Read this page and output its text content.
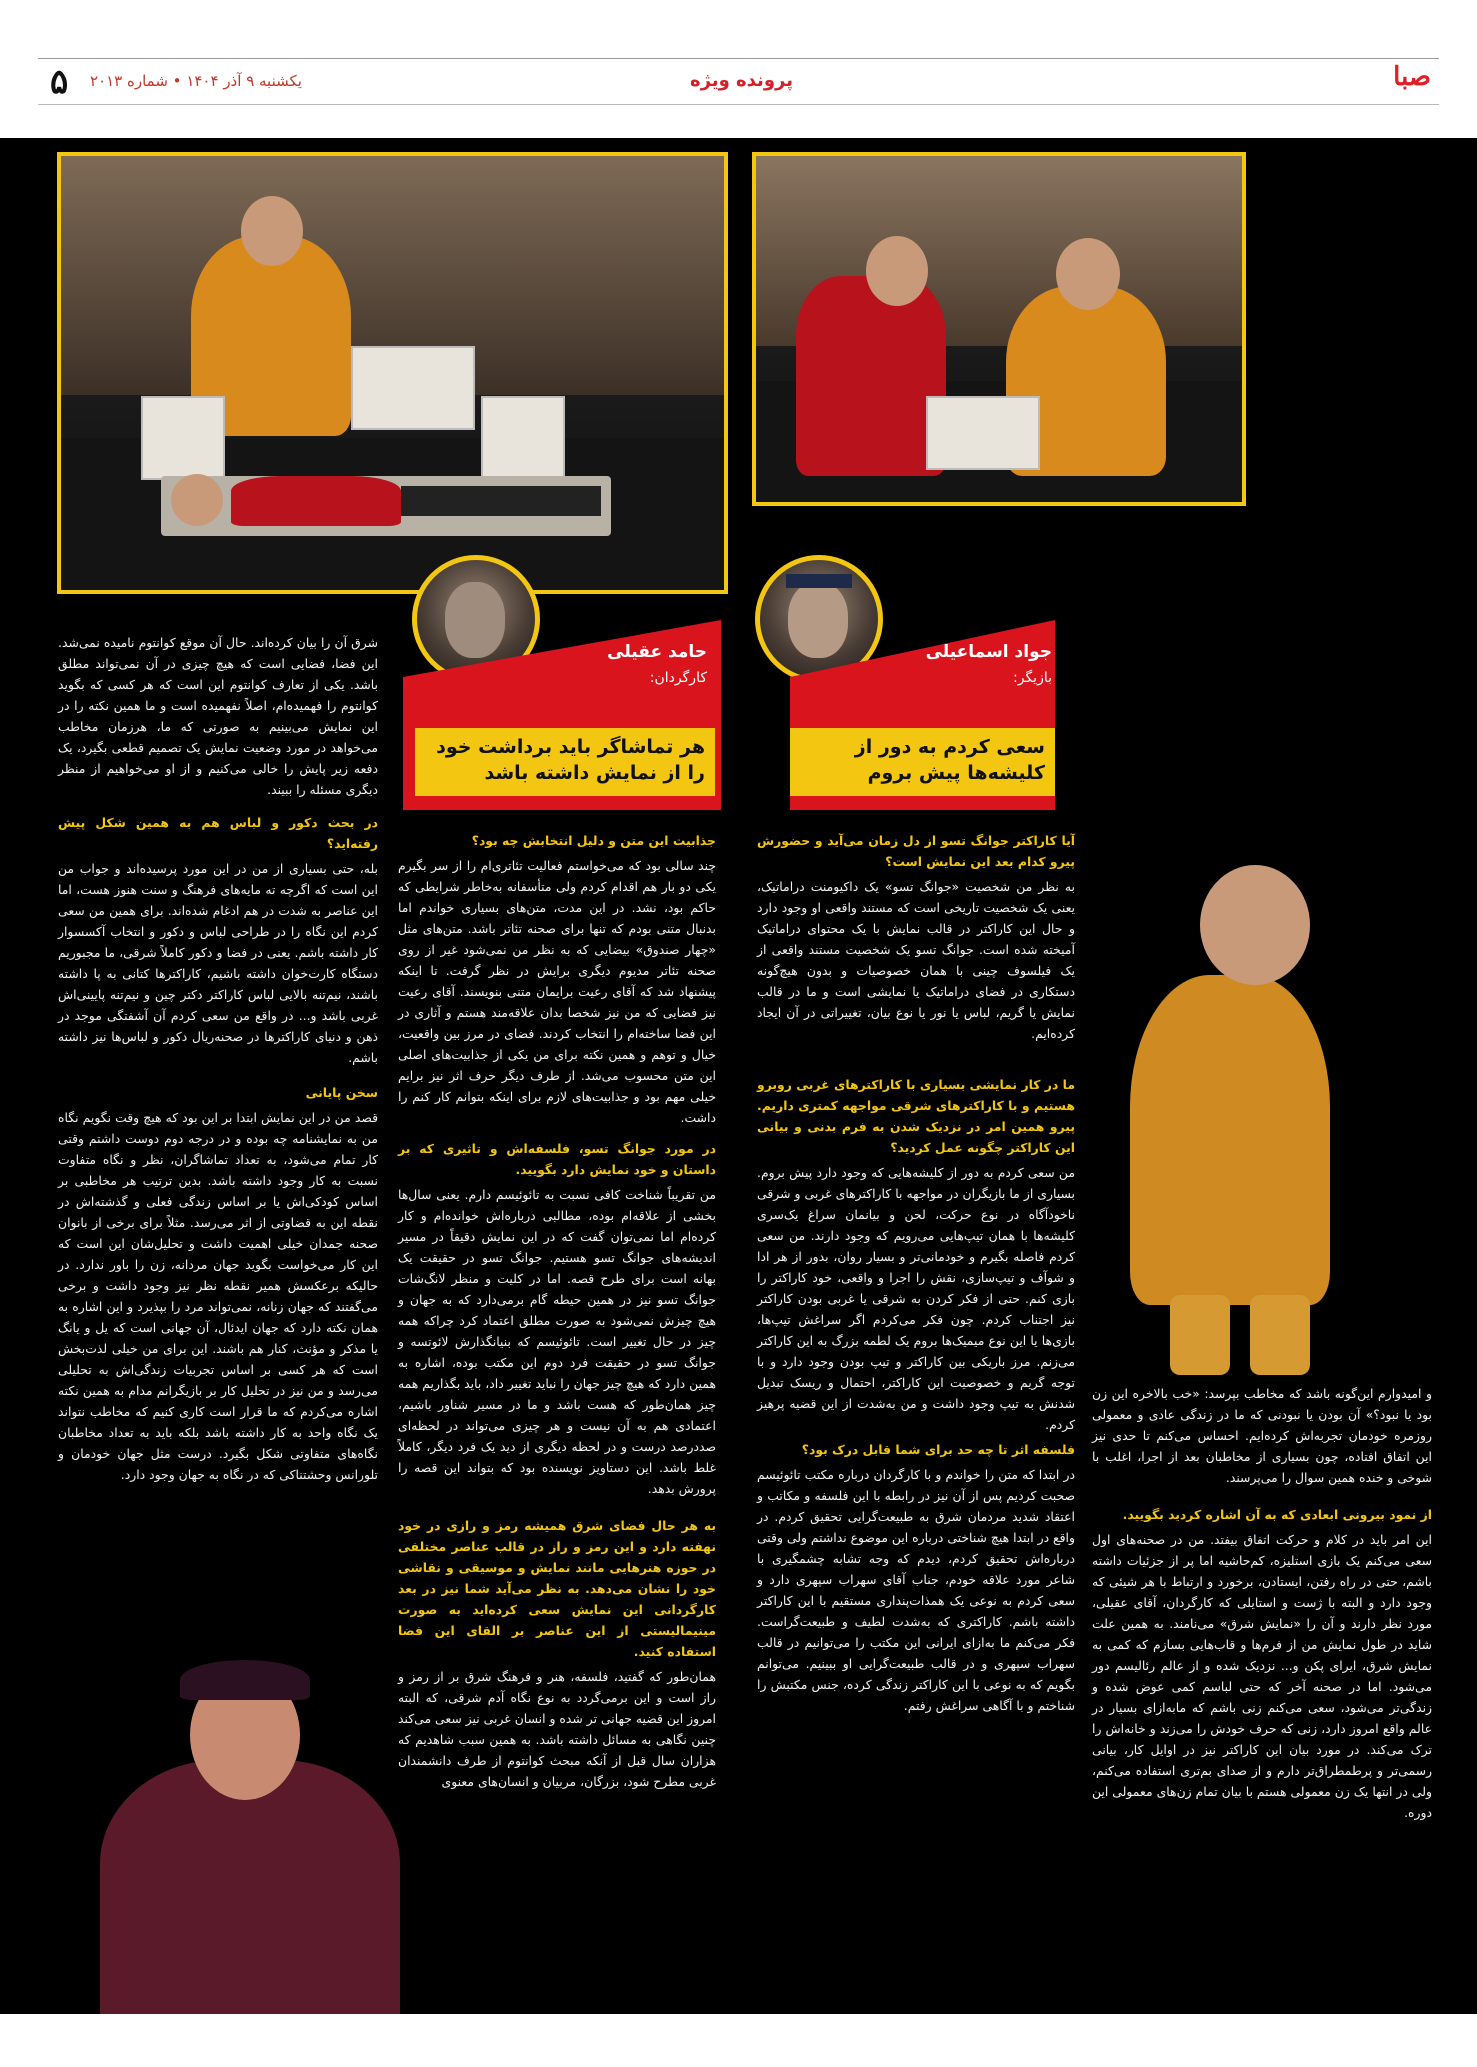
۵ یکشنبه ۹ آذر ۱۴۰۴ • شماره ۲۰۱۳	پرونده ویژه	صبا
جواد اسماعیلی
بازیگر:
سعی کردم به دور از کلیشه‌ها پیش بروم
حامد عقیلی
کارگردان:
هر تماشاگر باید برداشت خود را از نمایش داشته باشد

آیا کاراکتر جوانگ تسو از دل زمان می‌آید و حضورش پیرو کدام بعد این نمایش است؟

به نظر من شخصیت «جوانگ تسو» یک داکیومنت دراماتیک، یعنی یک شخصیت تاریخی است که مستند واقعی او وجود دارد و حال این کاراکتر در قالب نمایش با یک محتوای دراماتیک آمیخته شده است. جوانگ تسو یک شخصیت مستند واقعی از یک فیلسوف چینی با همان خصوصیات و بدون هیچ‌گونه دستکاری در فضای دراماتیک یا نمایشی است و ما در قالب نمایش یا گریم، لباس یا نور یا نوع بیان، تغییراتی در آن ایجاد کرده‌ایم.

ما در کار نمایشی بسیاری با کاراکترهای غربی روبرو هستیم و با کاراکترهای شرقی مواجهه کمتری داریم. پیرو همین امر در نزدیک شدن به فرم بدنی و بیانی این کاراکتر چگونه عمل کردید؟

من سعی کردم به دور از کلیشه‌هایی که وجود دارد پیش بروم. بسیاری از ما بازیگران در مواجهه با کاراکترهای غربی و شرقی ناخودآگاه در نوع حرکت، لحن و بیانمان سراغ یک‌سری کلیشه‌ها با همان تیپ‌هایی می‌رویم که وجود دارند. من سعی کردم فاصله بگیرم و خودمانی‌تر و بسیار روان، بدور از هر ادا و شوآف و تیپ‌سازی، نقش را اجرا و واقعی، خود کاراکتر را بازی کنم. حتی از فکر کردن به شرقی یا غربی بودن کاراکتر نیز اجتناب کردم. چون فکر می‌کردم اگر سراغش تیپ‌ها، بازی‌ها یا این نوع میمیک‌ها بروم یک لطمه بزرگ به این کاراکتر می‌زنم. مرز باریکی بین کاراکتر و تیپ بودن وجود دارد و با توجه گریم و خصوصیت این کاراکتر، احتمال و ریسک تبدیل شدنش به تیپ وجود داشت و من به‌شدت از این قضیه پرهیز کردم.

فلسفه اثر تا چه حد برای شما قابل درک بود؟

در ابتدا که متن را خواندم و با کارگردان درباره مکتب تائوئیسم صحبت کردیم پس از آن نیز در رابطه با این فلسفه و مکاتب و اعتقاد شدید مردمان شرق به طبیعت‌گرایی تحقیق کردم. در واقع در ابتدا هیچ شناختی درباره این موضوع نداشتم ولی وقتی درباره‌اش تحقیق کردم، دیدم که وجه تشابه چشمگیری با شاعر مورد علاقه خودم، جناب آقای سهراب سپهری دارد و سعی کردم به نوعی یک همذات‌پنداری مستقیم با این کاراکتر داشته باشم. کاراکتری که به‌شدت لطیف و طبیعت‌گراست. فکر می‌کنم ما به‌ازای ایرانی این مکتب را می‌توانیم در قالب سهراب سپهری و در قالب طبیعت‌گرایی او ببینیم. می‌توانم بگویم که به نوعی با این کاراکتر زندگی کرده، جنس مکتبش را شناختم و با آگاهی سراغش رفتم.

و امیدوارم این‌گونه باشد که مخاطب بپرسد: «خب بالاخره این زن بود یا نبود؟» آن بودن یا نبودنی که ما در زندگی عادی و معمولی روزمره خودمان تجربه‌اش کرده‌ایم. احساس می‌کنم تا حدی نیز این اتفاق افتاده، چون بسیاری از مخاطبان بعد از اجرا، اغلب با شوخی و خنده همین سوال را می‌پرسند.

از نمود بیرونی ابعادی که به آن اشاره کردید بگویید.

این امر باید در کلام و حرکت اتفاق بیفتد. من در صحنه‌های اول سعی می‌کنم یک بازی استلیزه، کم‌حاشیه اما پر از جزئیات داشته باشم، حتی در راه رفتن، ایستادن، برخورد و ارتباط با هر شیئی که وجود دارد و البته با ژست و استایلی که کارگردان، آقای عقیلی، مورد نظر دارند و آن را «نمایش شرق» می‌نامند. به همین علت شاید در طول نمایش من از فرم‌ها و قاب‌هایی بسازم که کمی به نمایش شرق، ایرای پکن و... نزدیک شده و از عالم رئالیسم دور می‌شود. اما در صحنه آخر که حتی لباسم کمی عوض شده و زندگی‌تر می‌شود، سعی می‌کنم زنی باشم که مابه‌ازای بسیار در عالم واقع امروز دارد، زنی که حرف خودش را می‌زند و خانه‌اش را ترک می‌کند. در مورد بیان این کاراکتر نیز در اوایل کار، بیانی رسمی‌تر و پرطمطراق‌تر دارم و از صدای بم‌تری استفاده می‌کنم، ولی در انتها یک زن معمولی هستم با بیان تمام زن‌های معمولی این دوره.

جذابیت این متن و دلیل انتخابش چه بود؟

چند سالی بود که می‌خواستم فعالیت تئاتری‌ام را از سر بگیرم یکی دو بار هم اقدام کردم ولی متأسفانه به‌خاطر شرایطی که حاکم بود، نشد. در این مدت، متن‌های بسیاری خواندم اما بدنبال متنی بودم که تنها برای صحنه تئاتر باشد. متن‌های مثل «چهار صندوق» بیضایی که به نظر من نمی‌شود غیر از روی صحنه تئاتر مدیوم دیگری برایش در نظر گرفت. تا اینکه پیشنهاد شد که آقای رعیت برایمان متنی بنویسند. آقای رعیت نیز فضایی که من نیز شخصا بدان علاقه‌مند هستم و آثاری در این فضا ساخته‌ام را انتخاب کردند. فضای در مرز بین واقعیت، خیال و توهم و همین نکته برای من یکی از جذابیت‌های اصلی این متن محسوب می‌شد. از طرف دیگر حرف اثر نیز برایم خیلی مهم بود و جذابیت‌های لازم برای اینکه بتوانم کار کنم را داشت.

در مورد جوانگ تسو، فلسفه‌اش و تاثیری که بر داستان و خود نمایش دارد بگویید.

من تقریباً شناخت کافی نسبت به تائوئیسم دارم. یعنی سال‌ها بخشی از علاقه‌ام بوده، مطالبی درباره‌اش خوانده‌ام و کار کرده‌ام اما نمی‌توان گفت که در این نمایش دقیقاً در مسیر اندیشه‌های جوانگ تسو هستیم. جوانگ تسو در حقیقت یک بهانه است برای طرح قصه. اما در کلیت و منظر لانگ‌شات جوانگ تسو نیز در همین حیطه گام برمی‌دارد که به جهان و هیچ چیزش نمی‌شود به صورت مطلق اعتماد کرد چراکه همه چیز در حال تغییر است. تائوئیسم که بنیانگذارش لائوتسه و جوانگ تسو در حقیقت فرد دوم این مکتب بوده، اشاره به همین دارد که هیچ چیز جهان را نباید تغییر داد، باید بگذاریم همه چیز همان‌طور که هست باشد و ما در مسیر شناور باشیم، اعتمادی هم به آن نیست و هر چیزی می‌تواند در لحظه‌ای صددرصد درست و در لحظه دیگری از دید یک فرد دیگر، کاملاً غلط باشد. این دستاویز نویسنده بود که بتواند این قصه را پرورش بدهد.

به هر حال فضای شرق همیشه رمز و رازی در خود نهفته دارد و این رمز و راز در قالب عناصر مختلفی در حوزه هنرهایی مانند نمایش و موسیقی و نقاشی خود را نشان می‌دهد. به نظر می‌آید شما نیز در بعد کارگردانی این نمایش سعی کرده‌اید به صورت مینیمالیستی از این عناصر بر القای این فضا استفاده کنید.

همان‌طور که گفتید، فلسفه، هنر و فرهنگ شرق بر از رمز و راز است و این برمی‌گردد به نوع نگاه آدم شرقی، که البته امروز این قضیه جهانی تر شده و انسان غربی نیز سعی می‌کند چنین نگاهی به مسائل داشته باشد. به همین سبب شاهدیم که هزاران سال قبل از آنکه مبحث کوانتوم از طرف دانشمندان غربی مطرح شود، بزرگان، مربیان و انسان‌های معنوی

شرق آن را بیان کرده‌اند. حال آن موقع کوانتوم نامیده نمی‌شد. این فضا، فضایی است که هیچ چیزی در آن نمی‌تواند مطلق باشد. یکی از تعارف کوانتوم این است که هر کسی که بگوید کوانتوم را فهمیده‌ام، اصلاً نفهمیده است و ما همین نکته را در این نمایش می‌بینیم به صورتی که ما، هرزمان مخاطب می‌خواهد در مورد وضعیت نمایش یک تصمیم قطعی بگیرد، یک دفعه زیر پایش را خالی می‌کنیم و از او می‌خواهیم از منظر دیگری مسئله را ببیند.

در بحث دکور و لباس هم به همین شکل پیش رفته‌اید؟

بله، حتی بسیاری از من در این مورد پرسیده‌اند و جواب من این است که اگرچه ته مایه‌های فرهنگ و سنت هنوز هست، اما این عناصر به شدت در هم ادغام شده‌اند. برای همین من سعی کردم این نگاه را در طراحی لباس و دکور و انتخاب آکسسوار کار داشته باشم. یعنی در فضا و دکور کاملاً شرقی، ما مجبوریم دستگاه کارت‌خوان داشته باشیم، کاراکترها کتانی به پا داشته باشند، نیم‌تنه بالایی لباس کاراکتر دکتر چین و نیم‌تنه پایینی‌اش غربی باشد و... در واقع من سعی کردم آن آشفتگی موجد در ذهن و دنیای کاراکترها در صحنه‌ریال دکور و لباس‌ها نیز داشته باشم.

سخن پایانی

قصد من در این نمایش ابتدا بر این بود که هیچ وقت نگویم نگاه من به نمایشنامه چه بوده و در درجه دوم دوست داشتم وقتی کار تمام می‌شود، به تعداد تماشاگران، نظر و نگاه متفاوت نسبت به کار وجود داشته باشد. بدین ترتیب هر مخاطبی بر اساس کودکی‌اش یا بر اساس زندگی فعلی و گذشته‌اش در نقطه این به قضاوتی از اثر می‌رسد. مثلاً برای برخی از بانوان صحنه جمدان خیلی اهمیت داشت و تحلیل‌شان این است که این کار می‌خواست بگوید جهان مردانه، زن را باور ندارد. در حالیکه برعکسش همیر نقطه نظر نیز وجود داشت و برخی می‌گفتند که جهان زنانه، نمی‌تواند مرد را بپذیرد و این اشاره به همان نکته دارد که جهان ایدئال، آن جهانی است که یل و یانگ یا مذکر و مؤنث، کنار هم باشند. این برای من خیلی لذت‌بخش است که هر کسی بر اساس تجربیات زندگی‌اش به تحلیلی می‌رسد و من نیز در تحلیل کار بر بازیگرانم مدام به همین نکته اشاره می‌کردم که ما قرار است کاری کنیم که مخاطب نتواند یک نگاه واحد به کار داشته باشد بلکه باید به تعداد مخاطبان نگاه‌های متفاوتی شکل بگیرد. درست مثل جهان خودمان و تلورانس وحشتناکی که در نگاه به جهان وجود دارد.
